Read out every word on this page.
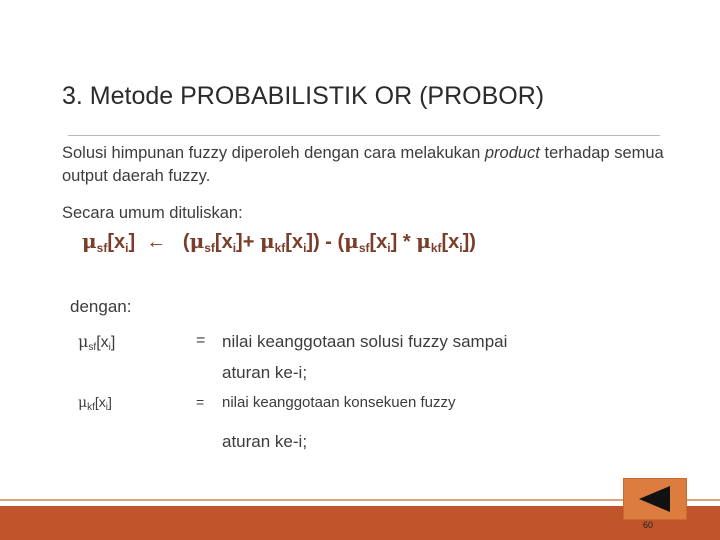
3. Metode PROBABILISTIK OR (PROBOR)
Solusi himpunan fuzzy diperoleh dengan cara melakukan product terhadap semua output daerah fuzzy.
Secara umum dituliskan:
$\mu_{sf}[x_i]$ ← $(\mu_{sf}[x_i]+ \mu_{kf}[x_i]) - (\mu_{sf}[x_i] * \mu_{kf}[x_i])$
dengan:
$\mu_{sf}[x_i]$	= nilai keanggotaan solusi fuzzy sampai
aturan ke-i;
$\mu_{kf}[x_i]$	= nilai keanggotaan konsekuen fuzzy
aturan ke-i;
60
